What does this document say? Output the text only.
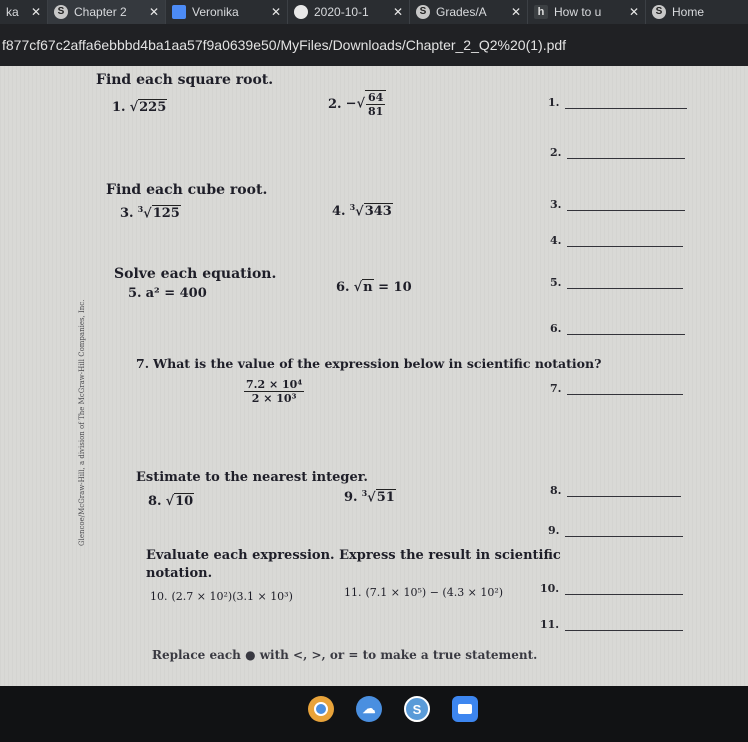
ka	✕	S Chapter 2	✕	Veronika	✕	2020-10-1	✕	S Grades/A	✕	h How to u	✕	S Home
f877cf67c2affa6ebbbd4ba1aa57f9a0639e50/MyFiles/Downloads/Chapter_2_Q2%20(1).pdf
Find each square root.
1. √225	2. −√ $\frac{64}{81}$
Find each cube root.
3. $^3$√125	4. $^3$√343
Solve each equation.
5. a² = 400	6. √n = 10
7. What is the value of the expression below in scientific notation?
$\frac{\text{7.2 × 10⁴}}{\text{2 × 10³}}$
Estimate to the nearest integer.
8. √10	9. $^3$√51
Evaluate each expression. Express the result in scientific
notation.
10. (2.7 × 10²)(3.1 × 10³)	11. (7.1 × 10⁵) − (4.3 × 10²)
Replace each ● with <, >, or = to make a true statement.
Glencoe/McGraw-Hill, a division of The McGraw-Hill Companies, Inc.
1.
2.
3.
4.
5.
6.
7.
8.
9.
10.
11.
☁	S
